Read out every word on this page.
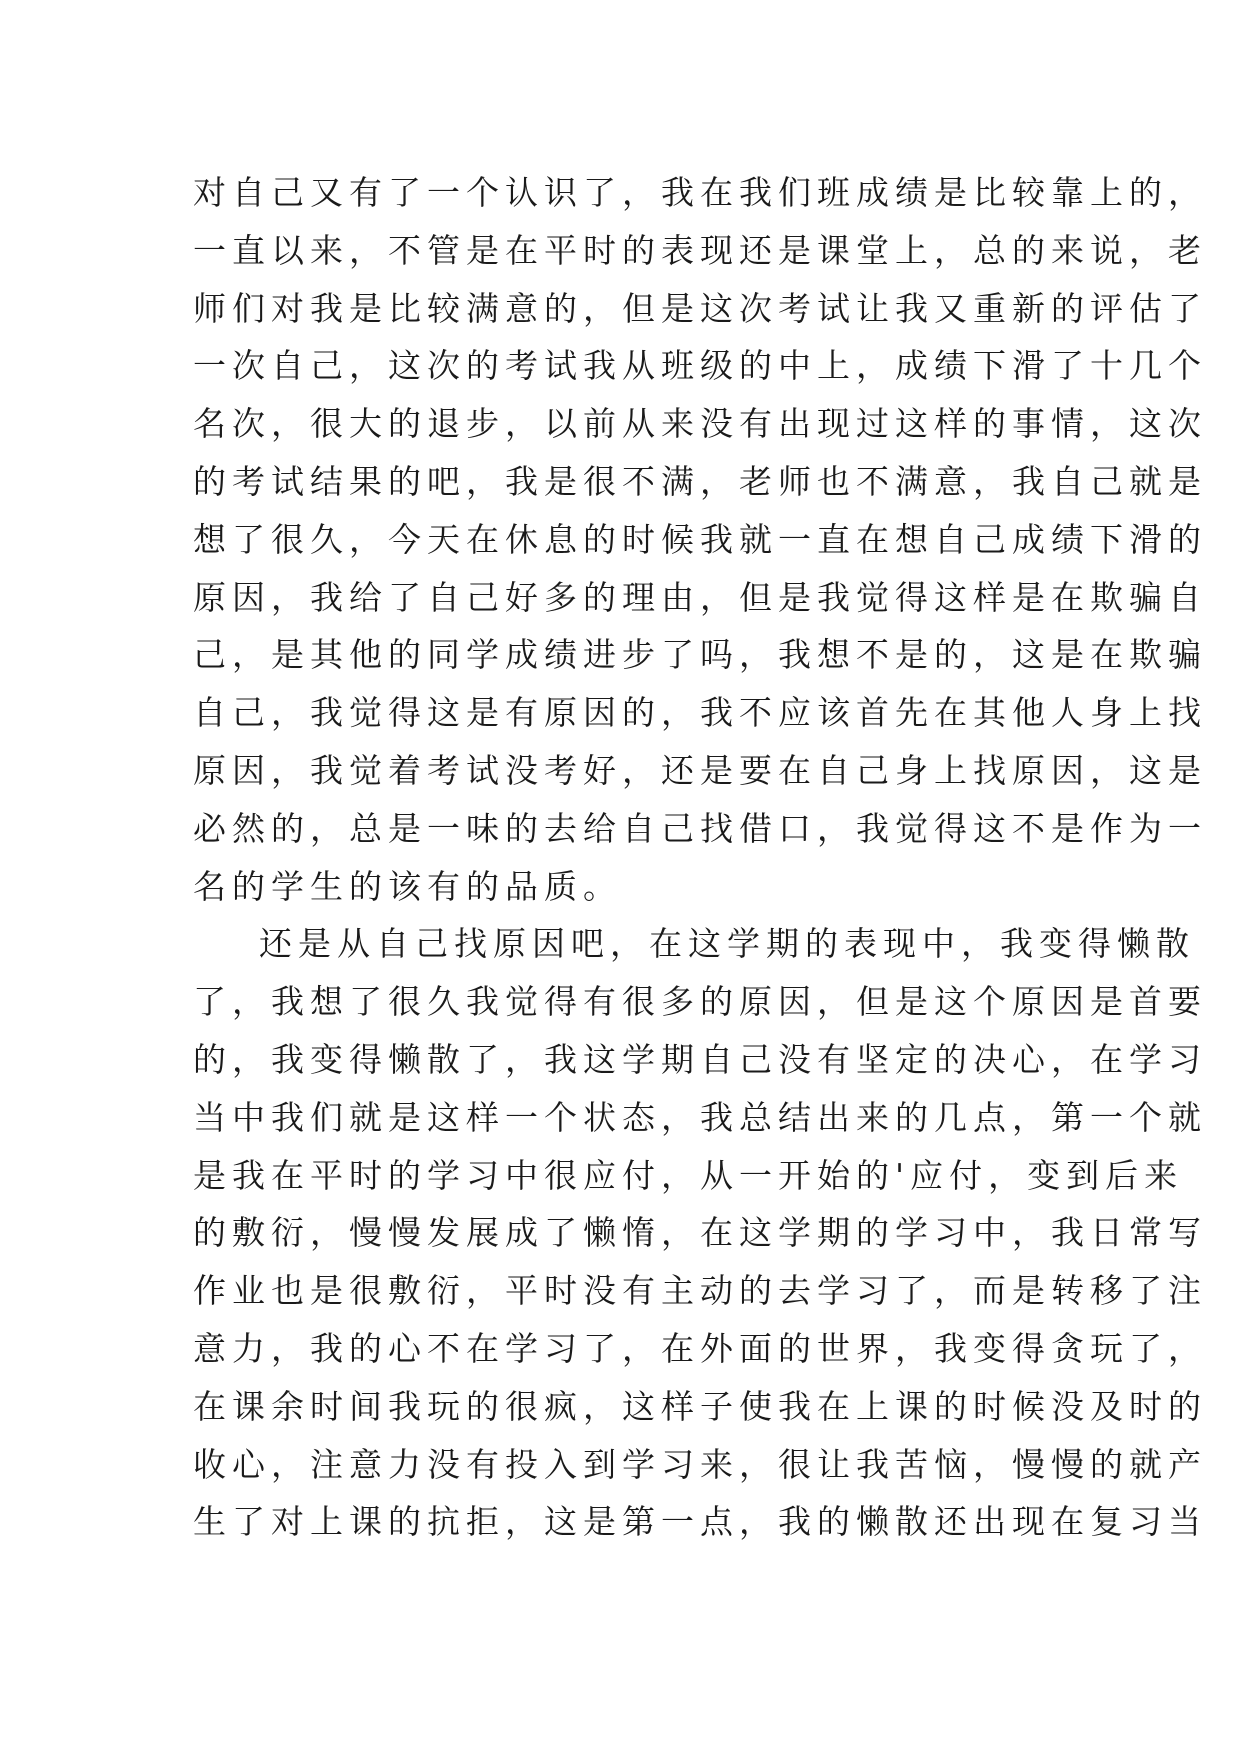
对自己又有了一个认识了，我在我们班成绩是比较靠上的，
一直以来，不管是在平时的表现还是课堂上，总的来说，老
师们对我是比较满意的，但是这次考试让我又重新的评估了
一次自己，这次的考试我从班级的中上，成绩下滑了十几个
名次，很大的退步，以前从来没有出现过这样的事情，这次
的考试结果的吧，我是很不满，老师也不满意，我自己就是
想了很久，今天在休息的时候我就一直在想自己成绩下滑的
原因，我给了自己好多的理由，但是我觉得这样是在欺骗自
己，是其他的同学成绩进步了吗，我想不是的，这是在欺骗
自己，我觉得这是有原因的，我不应该首先在其他人身上找
原因，我觉着考试没考好，还是要在自己身上找原因，这是
必然的，总是一味的去给自己找借口，我觉得这不是作为一
名的学生的该有的品质。
还是从自己找原因吧，在这学期的表现中，我变得懒散
了，我想了很久我觉得有很多的原因，但是这个原因是首要
的，我变得懒散了，我这学期自己没有坚定的决心，在学习
当中我们就是这样一个状态，我总结出来的几点，第一个就
是我在平时的学习中很应付，从一开始的'应付，变到后来
的敷衍，慢慢发展成了懒惰，在这学期的学习中，我日常写
作业也是很敷衍，平时没有主动的去学习了，而是转移了注
意力，我的心不在学习了，在外面的世界，我变得贪玩了，
在课余时间我玩的很疯，这样子使我在上课的时候没及时的
收心，注意力没有投入到学习来，很让我苦恼，慢慢的就产
生了对上课的抗拒，这是第一点，我的懒散还出现在复习当
